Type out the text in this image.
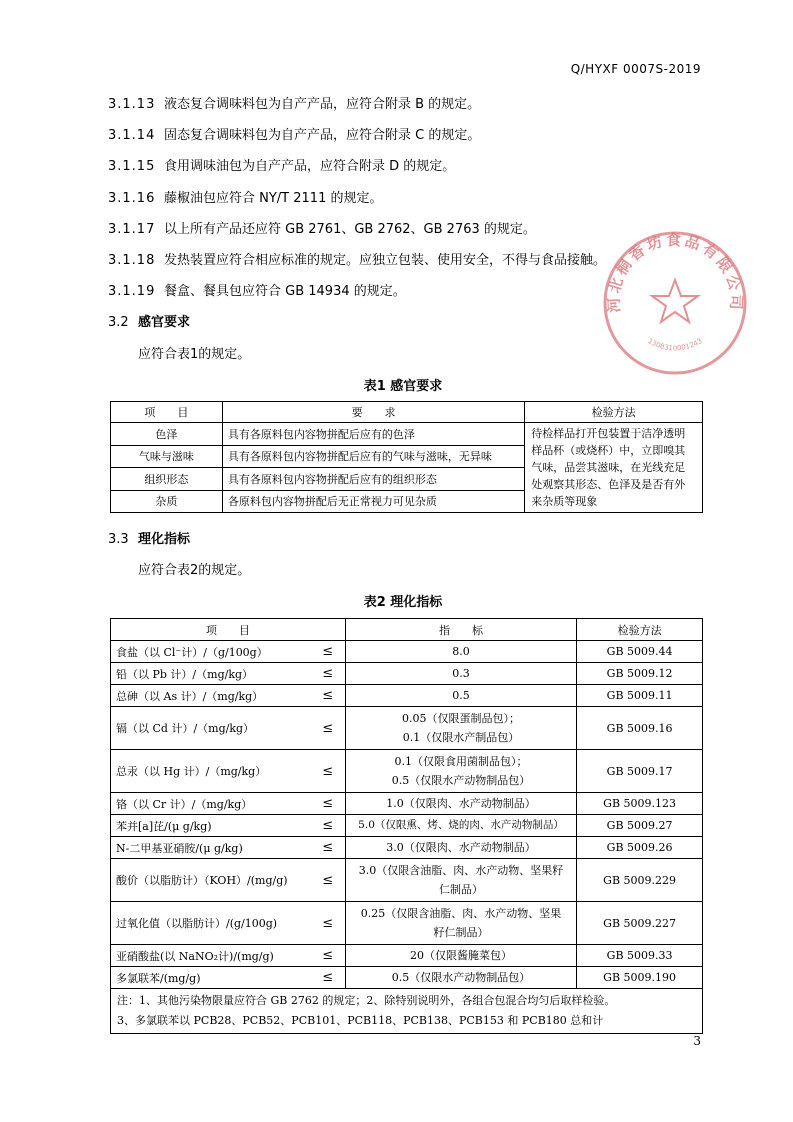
Q/HYXF 0007S-2019
3.1.13 液态复合调味料包为自产产品，应符合附录 B 的规定。
3.1.14 固态复合调味料包为自产产品，应符合附录 C 的规定。
3.1.15 食用调味油包为自产产品，应符合附录 D 的规定。
3.1.16 藤椒油包应符合 NY/T 2111 的规定。
3.1.17 以上所有产品还应符 GB 2761、GB 2762、GB 2763 的规定。
3.1.18 发热装置应符合相应标准的规定。应独立包装、使用安全，不得与食品接触。
3.1.19 餐盒、餐具包应符合 GB 14934 的规定。
3.2 感官要求
应符合表1的规定。
表1 感官要求
项　　目	要　　求	检验方法
色泽	具有各原料包内容物拼配后应有的色泽	待检样品打开包装置于洁净透明样品杯（或烧杯）中，立即嗅其气味，品尝其滋味，在光线充足处观察其形态、色泽及是否有外来杂质等现象
气味与滋味	具有各原料包内容物拼配后应有的气味与滋味，无异味	
组织形态	具有各原料包内容物拼配后应有的组织形态	
杂质	各原料包内容物拼配后无正常视力可见杂质	
3.3 理化指标
应符合表2的规定。
表2 理化指标
项　　目		指　　标	检验方法
食盐（以 Cl⁻计）/（g/100g）	≤	8.0	GB 5009.44
铅（以 Pb 计）/（mg/kg）	≤	0.3	GB 5009.12
总砷（以 As 计）/（mg/kg）	≤	0.5	GB 5009.11
镉（以 Cd 计）/（mg/kg）	≤	0.05（仅限蛋制品包）；
0.1（仅限水产制品包）	GB 5009.16
总汞（以 Hg 计）/（mg/kg）	≤	0.1（仅限食用菌制品包）；
0.5（仅限水产动物制品包）	GB 5009.17
铬（以 Cr 计）/（mg/kg）	≤	1.0（仅限肉、水产动物制品）	GB 5009.123
苯并[a]芘/(μ g/kg)	≤	5.0（仅限熏、烤、烧的肉、水产动物制品）	GB 5009.27
N-二甲基亚硝胺/(μ g/kg)	≤	3.0（仅限肉、水产动物制品）	GB 5009.26
酸价（以脂肪计）（KOH）/(mg/g)	≤	3.0（仅限含油脂、肉、水产动物、坚果籽
仁制品）	GB 5009.229
过氧化值（以脂肪计）/(g/100g)	≤	0.25（仅限含油脂、肉、水产动物、坚果
籽仁制品）	GB 5009.227
亚硝酸盐(以 NaNO₂计)/(mg/g)	≤	20（仅限酱腌菜包）	GB 5009.33
多氯联苯/(mg/g)	≤	0.5（仅限水产动物制品包）	GB 5009.190

注：1、其他污染物限量应符合 GB 2762 的规定；2、除特别说明外，各组合包混合均匀后取样检验。
3、多氯联苯以 PCB28、PCB52、PCB101、PCB118、PCB138、PCB153 和 PCB180 总和计			
河北桐香坊食品有限公司
1308310001243
3
